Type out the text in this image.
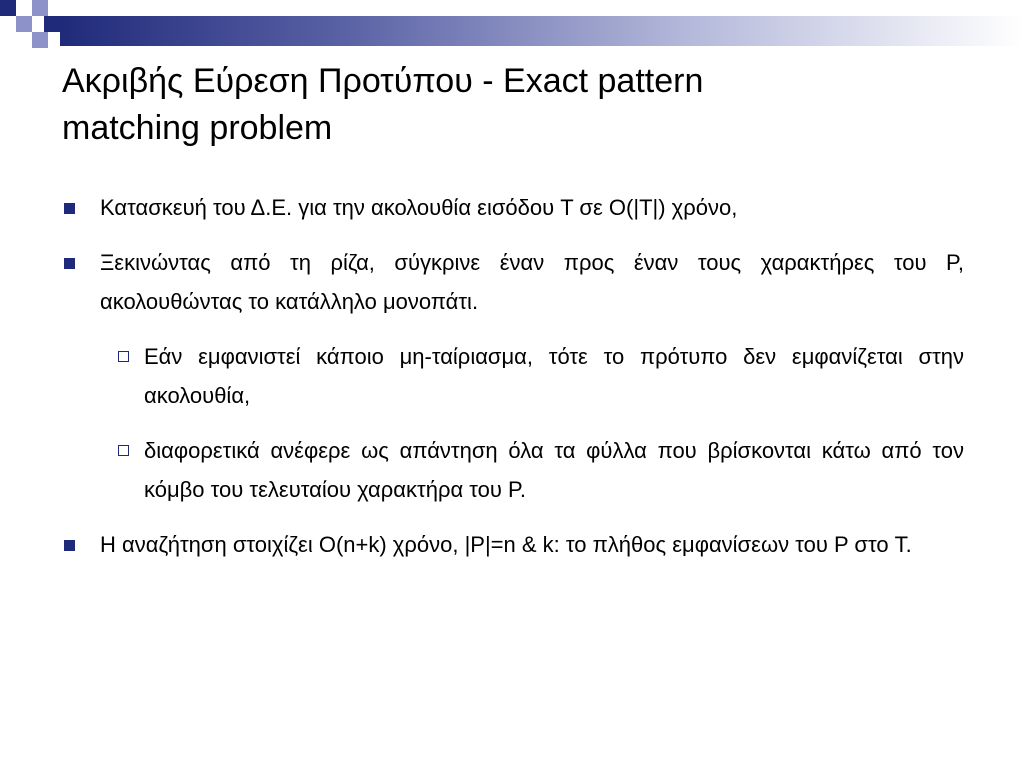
Ακριβής Εύρεση Προτύπου - Exact pattern
matching problem
Κατασκευή του Δ.Ε. για την ακολουθία εισόδου T σε O(|T|) χρόνο,
Ξεκινώντας από τη ρίζα, σύγκρινε έναν προς έναν τους χαρακτήρες του P, ακολουθώντας το κατάλληλο μονοπάτι.
Εάν εμφανιστεί κάποιο μη-ταίριασμα, τότε το πρότυπο δεν εμφανίζεται στην ακολουθία,
διαφορετικά ανέφερε ως απάντηση όλα τα φύλλα που βρίσκονται κάτω από τον κόμβο του τελευταίου χαρακτήρα του P.
Η αναζήτηση στοιχίζει O(n+k) χρόνο, |P|=n & k: το πλήθος εμφανίσεων του P στο T.
